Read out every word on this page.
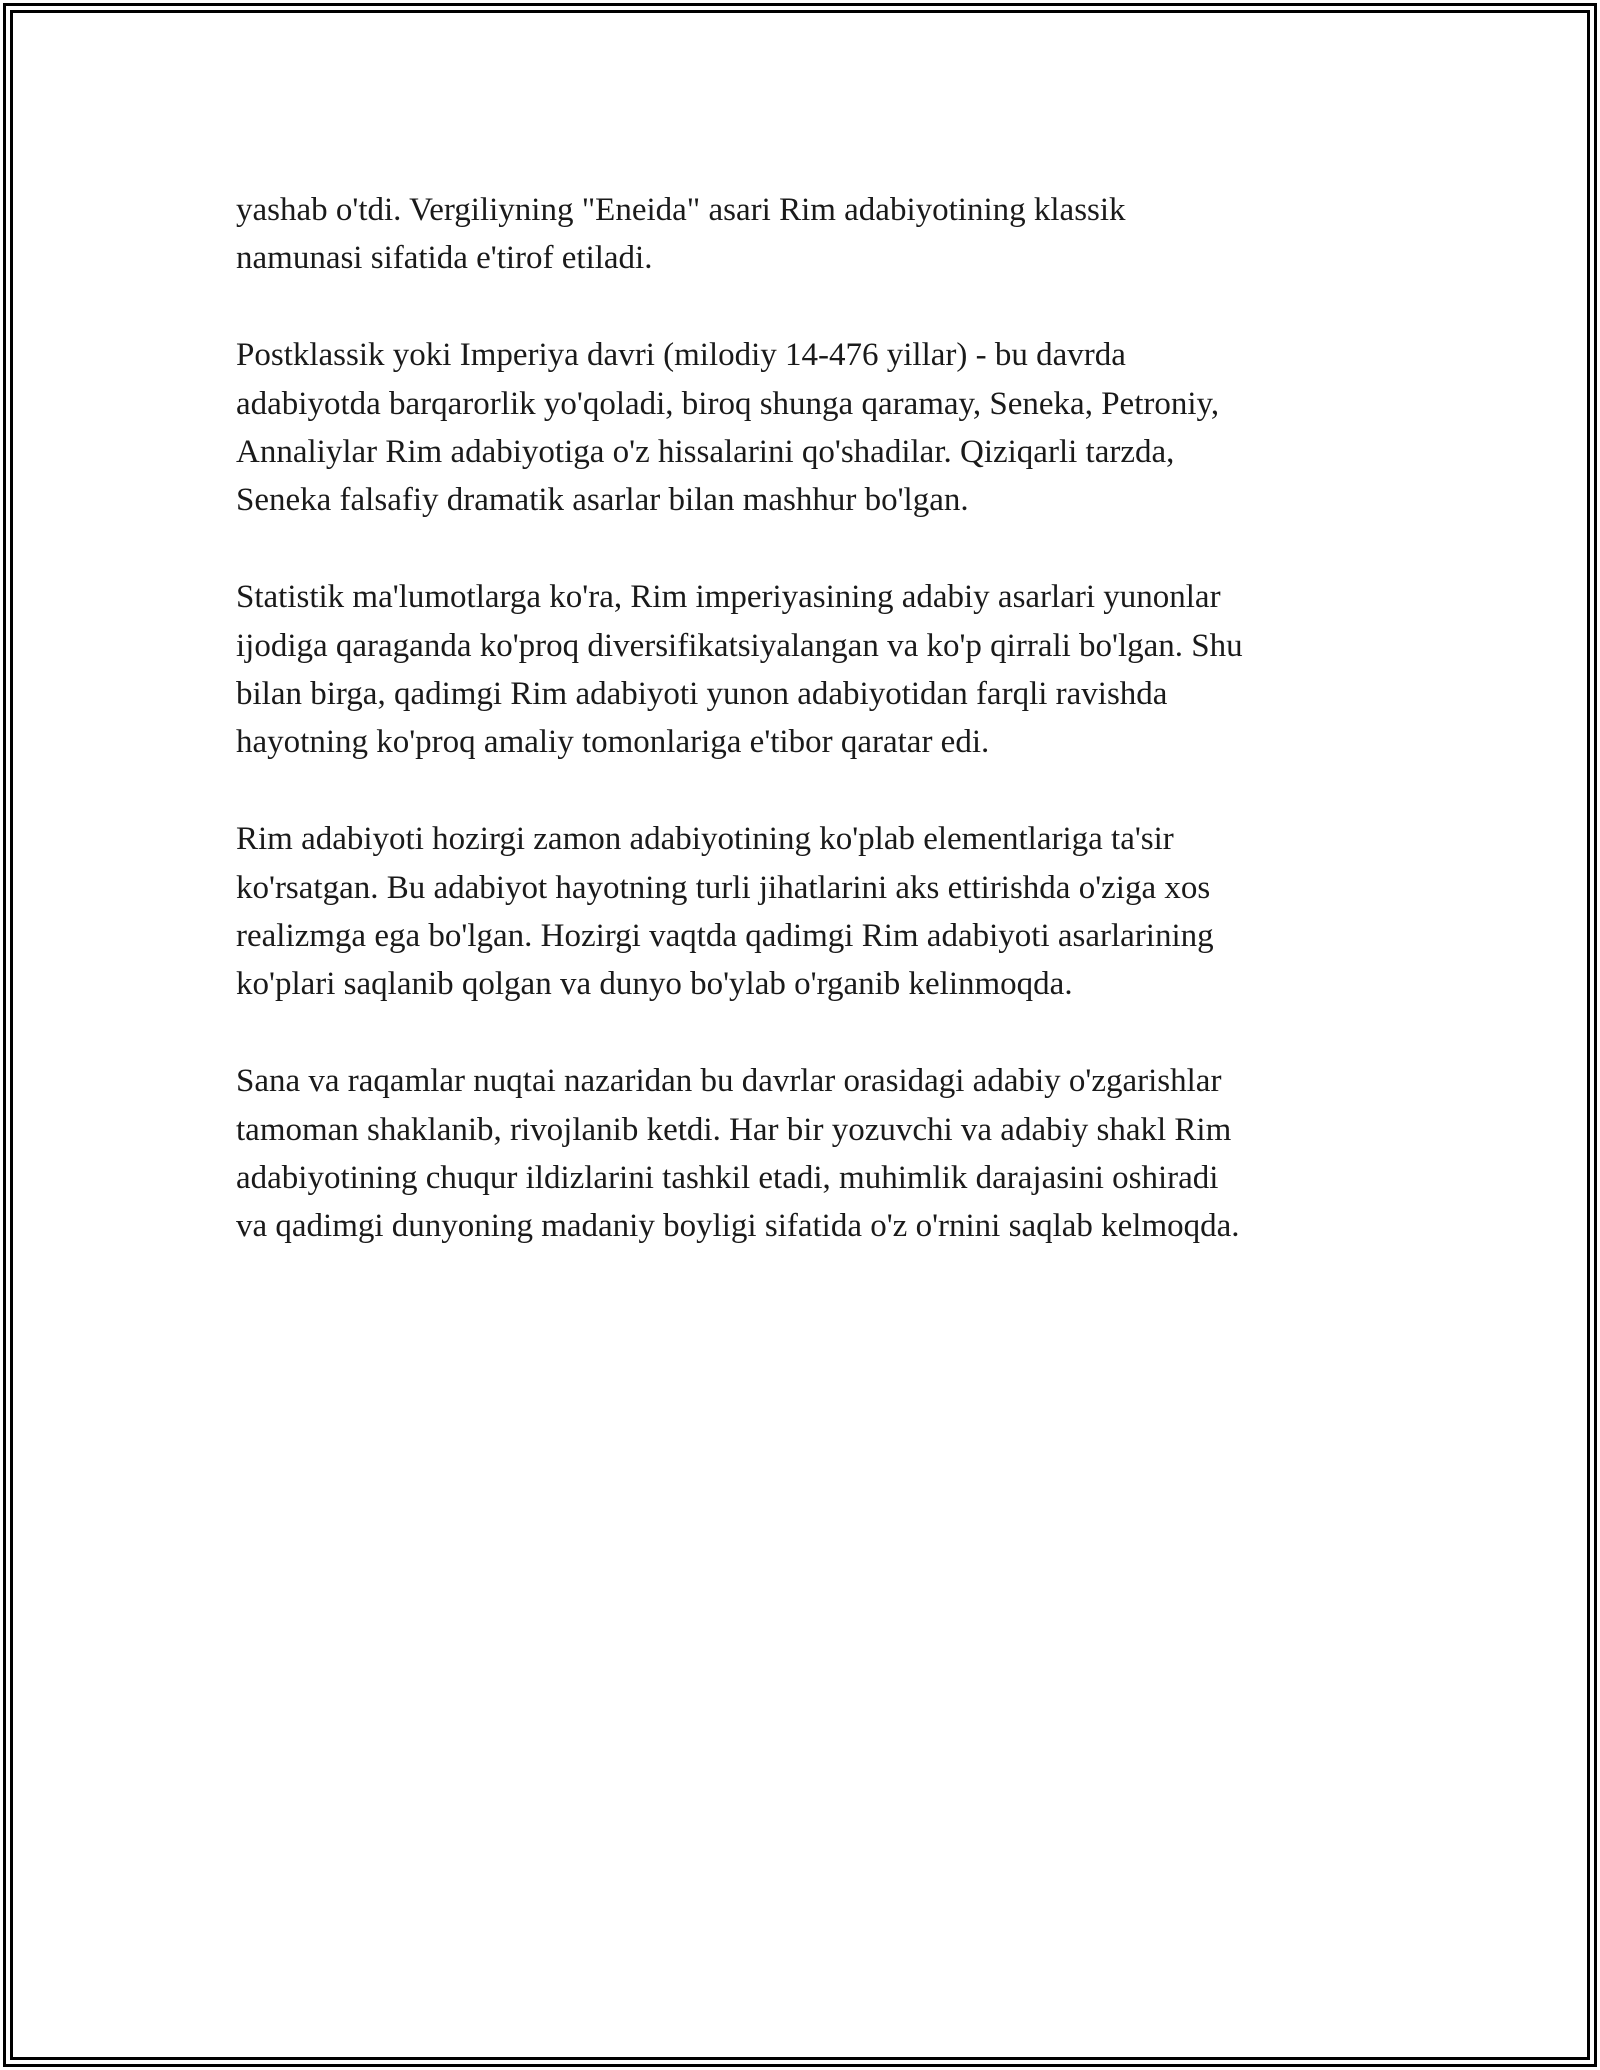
yashab o'tdi. Vergiliyning "Eneida" asari Rim adabiyotining klassik
namunasi sifatida e'tirof etiladi.

Postklassik yoki Imperiya davri (milodiy 14-476 yillar) - bu davrda
adabiyotda barqarorlik yo'qoladi, biroq shunga qaramay, Seneka, Petroniy,
Annaliylar Rim adabiyotiga o'z hissalarini qo'shadilar. Qiziqarli tarzda,
Seneka falsafiy dramatik asarlar bilan mashhur bo'lgan.

Statistik ma'lumotlarga ko'ra, Rim imperiyasining adabiy asarlari yunonlar
ijodiga qaraganda ko'proq diversifikatsiyalangan va ko'p qirrali bo'lgan. Shu
bilan birga, qadimgi Rim adabiyoti yunon adabiyotidan farqli ravishda
hayotning ko'proq amaliy tomonlariga e'tibor qaratar edi.

Rim adabiyoti hozirgi zamon adabiyotining ko'plab elementlariga ta'sir
ko'rsatgan. Bu adabiyot hayotning turli jihatlarini aks ettirishda o'ziga xos
realizmga ega bo'lgan. Hozirgi vaqtda qadimgi Rim adabiyoti asarlarining
ko'plari saqlanib qolgan va dunyo bo'ylab o'rganib kelinmoqda.

Sana va raqamlar nuqtai nazaridan bu davrlar orasidagi adabiy o'zgarishlar
tamoman shaklanib, rivojlanib ketdi. Har bir yozuvchi va adabiy shakl Rim
adabiyotining chuqur ildizlarini tashkil etadi, muhimlik darajasini oshiradi
va qadimgi dunyoning madaniy boyligi sifatida o'z o'rnini saqlab kelmoqda.
